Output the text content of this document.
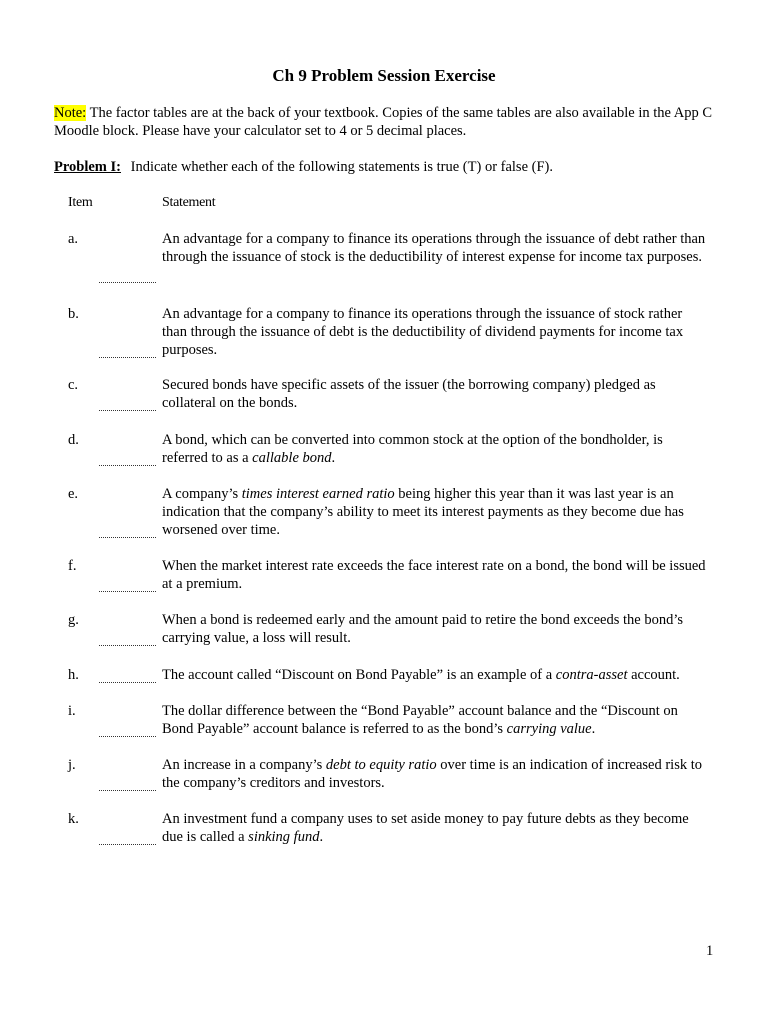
Ch 9 Problem Session Exercise
Note: The factor tables are at the back of your textbook. Copies of the same tables are also available in the App C Moodle block. Please have your calculator set to 4 or 5 decimal places.
Problem I: Indicate whether each of the following statements is true (T) or false (F).
Item	Statement
a.	An advantage for a company to finance its operations through the issuance of debt rather than through the issuance of stock is the deductibility of interest expense for income tax purposes.
b.	An advantage for a company to finance its operations through the issuance of stock rather than through the issuance of debt is the deductibility of dividend payments for income tax purposes.
c.	Secured bonds have specific assets of the issuer (the borrowing company) pledged as collateral on the bonds.
d.	A bond, which can be converted into common stock at the option of the bondholder, is referred to as a callable bond.
e.	A company’s times interest earned ratio being higher this year than it was last year is an indication that the company’s ability to meet its interest payments as they become due has worsened over time.
f.	When the market interest rate exceeds the face interest rate on a bond, the bond will be issued at a premium.
g.	When a bond is redeemed early and the amount paid to retire the bond exceeds the bond’s carrying value, a loss will result.
h.	The account called “Discount on Bond Payable” is an example of a contra-asset account.
i.	The dollar difference between the “Bond Payable” account balance and the “Discount on Bond Payable” account balance is referred to as the bond’s carrying value.
j.	An increase in a company’s debt to equity ratio over time is an indication of increased risk to the company’s creditors and investors.
k.	An investment fund a company uses to set aside money to pay future debts as they become due is called a sinking fund.
1
